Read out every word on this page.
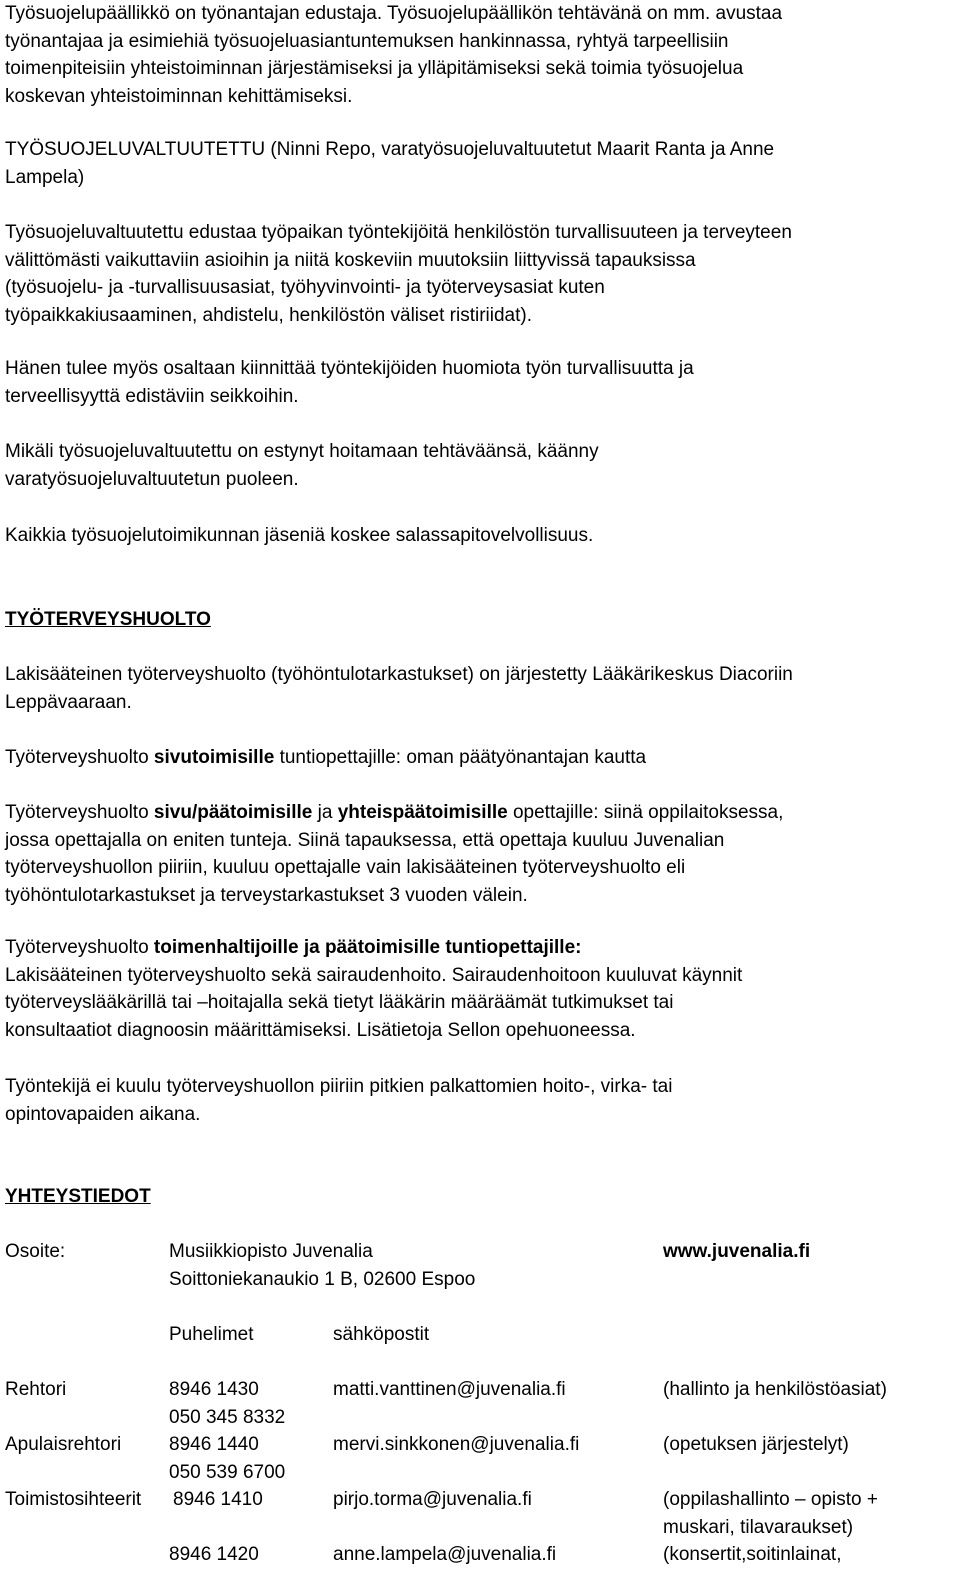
Työsuojelupäällikkö on työnantajan edustaja. Työsuojelupäällikön tehtävänä on mm. avustaa
työnantajaa ja esimiehiä työsuojeluasiantuntemuksen hankinnassa, ryhtyä tarpeellisiin
toimenpiteisiin yhteistoiminnan järjestämiseksi ja ylläpitämiseksi sekä toimia työsuojelua
koskevan yhteistoiminnan kehittämiseksi.
TYÖSUOJELUVALTUUTETTU (Ninni Repo, varatyösuojeluvaltuutetut Maarit Ranta ja Anne
Lampela)
Työsuojeluvaltuutettu edustaa työpaikan työntekijöitä henkilöstön turvallisuuteen ja terveyteen
välittömästi vaikuttaviin asioihin ja niitä koskeviin muutoksiin liittyvissä tapauksissa
(työsuojelu- ja -turvallisuusasiat, työhyvinvointi- ja työterveysasiat kuten
työpaikkakiusaaminen, ahdistelu, henkilöstön väliset ristiriidat).
Hänen tulee myös osaltaan kiinnittää työntekijöiden huomiota työn turvallisuutta ja
terveellisyyttä edistäviin seikkoihin.
Mikäli työsuojeluvaltuutettu on estynyt hoitamaan tehtäväänsä, käänny
varatyösuojeluvaltuutetun puoleen.
Kaikkia työsuojelutoimikunnan jäseniä koskee salassapitovelvollisuus.
TYÖTERVEYSHUOLTO
Lakisääteinen työterveyshuolto (työhöntulotarkastukset) on järjestetty Lääkärikeskus Diacoriin
Leppävaaraan.
Työterveyshuolto sivutoimisille tuntiopettajille: oman päätyönantajan kautta
Työterveyshuolto sivu/päätoimisille ja yhteispäätoimisille opettajille: siinä oppilaitoksessa,
jossa opettajalla on eniten tunteja. Siinä tapauksessa, että opettaja kuuluu Juvenalian
työterveyshuollon piiriin, kuuluu opettajalle vain lakisääteinen työterveyshuolto eli
työhöntulotarkastukset ja terveystarkastukset 3 vuoden välein.
Työterveyshuolto toimenhaltijoille ja päätoimisille tuntiopettajille:
Lakisääteinen työterveyshuolto sekä sairaudenhoito. Sairaudenhoitoon kuuluvat käynnit
työterveyslääkärillä tai –hoitajalla sekä tietyt lääkärin määräämät tutkimukset tai
konsultaatiot diagnoosin määrittämiseksi. Lisätietoja Sellon opehuoneessa.
Työntekijä ei kuulu työterveyshuollon piiriin pitkien palkattomien hoito-, virka- tai
opintovapaiden aikana.
YHTEYSTIEDOT
Osoite:	Musiikkiopisto Juvenalia	www.juvenalia.fi
Soittoniekanaukio 1 B, 02600 Espoo
Puhelimet	sähköpostit
Rehtori	8946 1430	matti.vanttinen@juvenalia.fi	(hallinto ja henkilöstöasiat)
050 345 8332
Apulaisrehtori	8946 1440	mervi.sinkkonen@juvenalia.fi	(opetuksen järjestelyt)
050 539 6700
Toimistosihteerit 8946 1410	pirjo.torma@juvenalia.fi	(oppilashallinto – opisto +
muskari, tilavaraukset)
8946 1420	anne.lampela@juvenalia.fi	(konsertit,soitinlainat,
